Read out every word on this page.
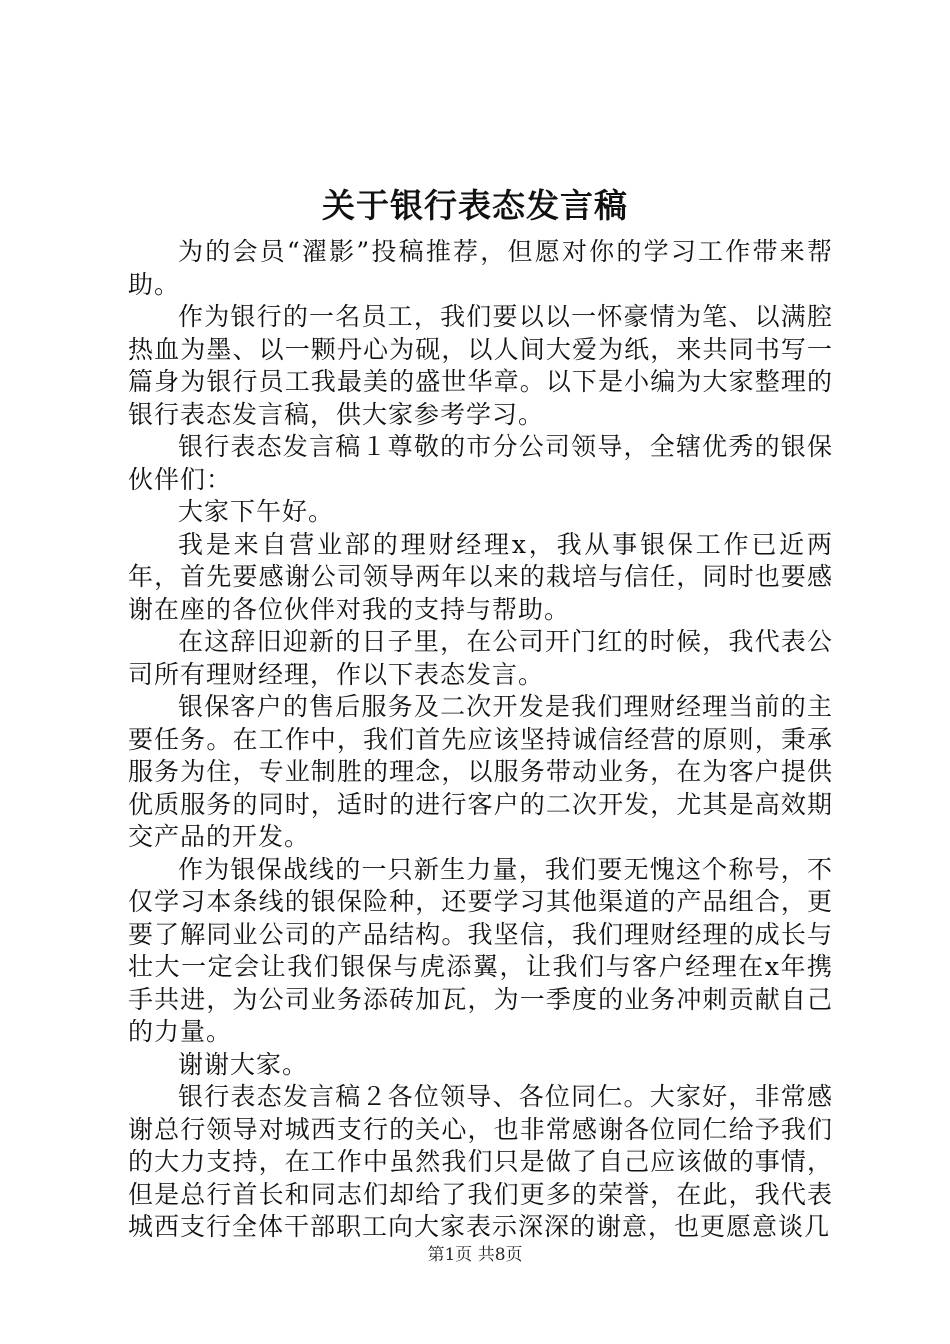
关于银行表态发言稿

为的会员“濯影”投稿推荐，但愿对你的学习工作带来帮助。

作为银行的一名员工，我们要以以一怀豪情为笔、以满腔热血为墨、以一颗丹心为砚，以人间大爱为纸，来共同书写一篇身为银行员工我最美的盛世华章。以下是小编为大家整理的银行表态发言稿，供大家参考学习。

银行表态发言稿１尊敬的市分公司领导，全辖优秀的银保伙伴们：

大家下午好。

我是来自营业部的理财经理x，我从事银保工作已近两年，首先要感谢公司领导两年以来的栽培与信任，同时也要感谢在座的各位伙伴对我的支持与帮助。

在这辞旧迎新的日子里，在公司开门红的时候，我代表公司所有理财经理，作以下表态发言。

银保客户的售后服务及二次开发是我们理财经理当前的主要任务。在工作中，我们首先应该坚持诚信经营的原则，秉承服务为住，专业制胜的理念，以服务带动业务，在为客户提供优质服务的同时，适时的进行客户的二次开发，尤其是高效期交产品的开发。

作为银保战线的一只新生力量，我们要无愧这个称号，不仅学习本条线的银保险种，还要学习其他渠道的产品组合，更要了解同业公司的产品结构。我坚信，我们理财经理的成长与壮大一定会让我们银保与虎添翼，让我们与客户经理在x年携手共进，为公司业务添砖加瓦，为一季度的业务冲刺贡献自己的力量。

谢谢大家。

银行表态发言稿２各位领导、各位同仁。大家好，非常感谢总行领导对城西支行的关心，也非常感谢各位同仁给予我们的大力支持，在工作中虽然我们只是做了自己应该做的事情，但是总行首长和同志们却给了我们更多的荣誉，在此，我代表城西支行全体干部职工向大家表示深深的谢意，也更愿意谈几

第1页 共8页
